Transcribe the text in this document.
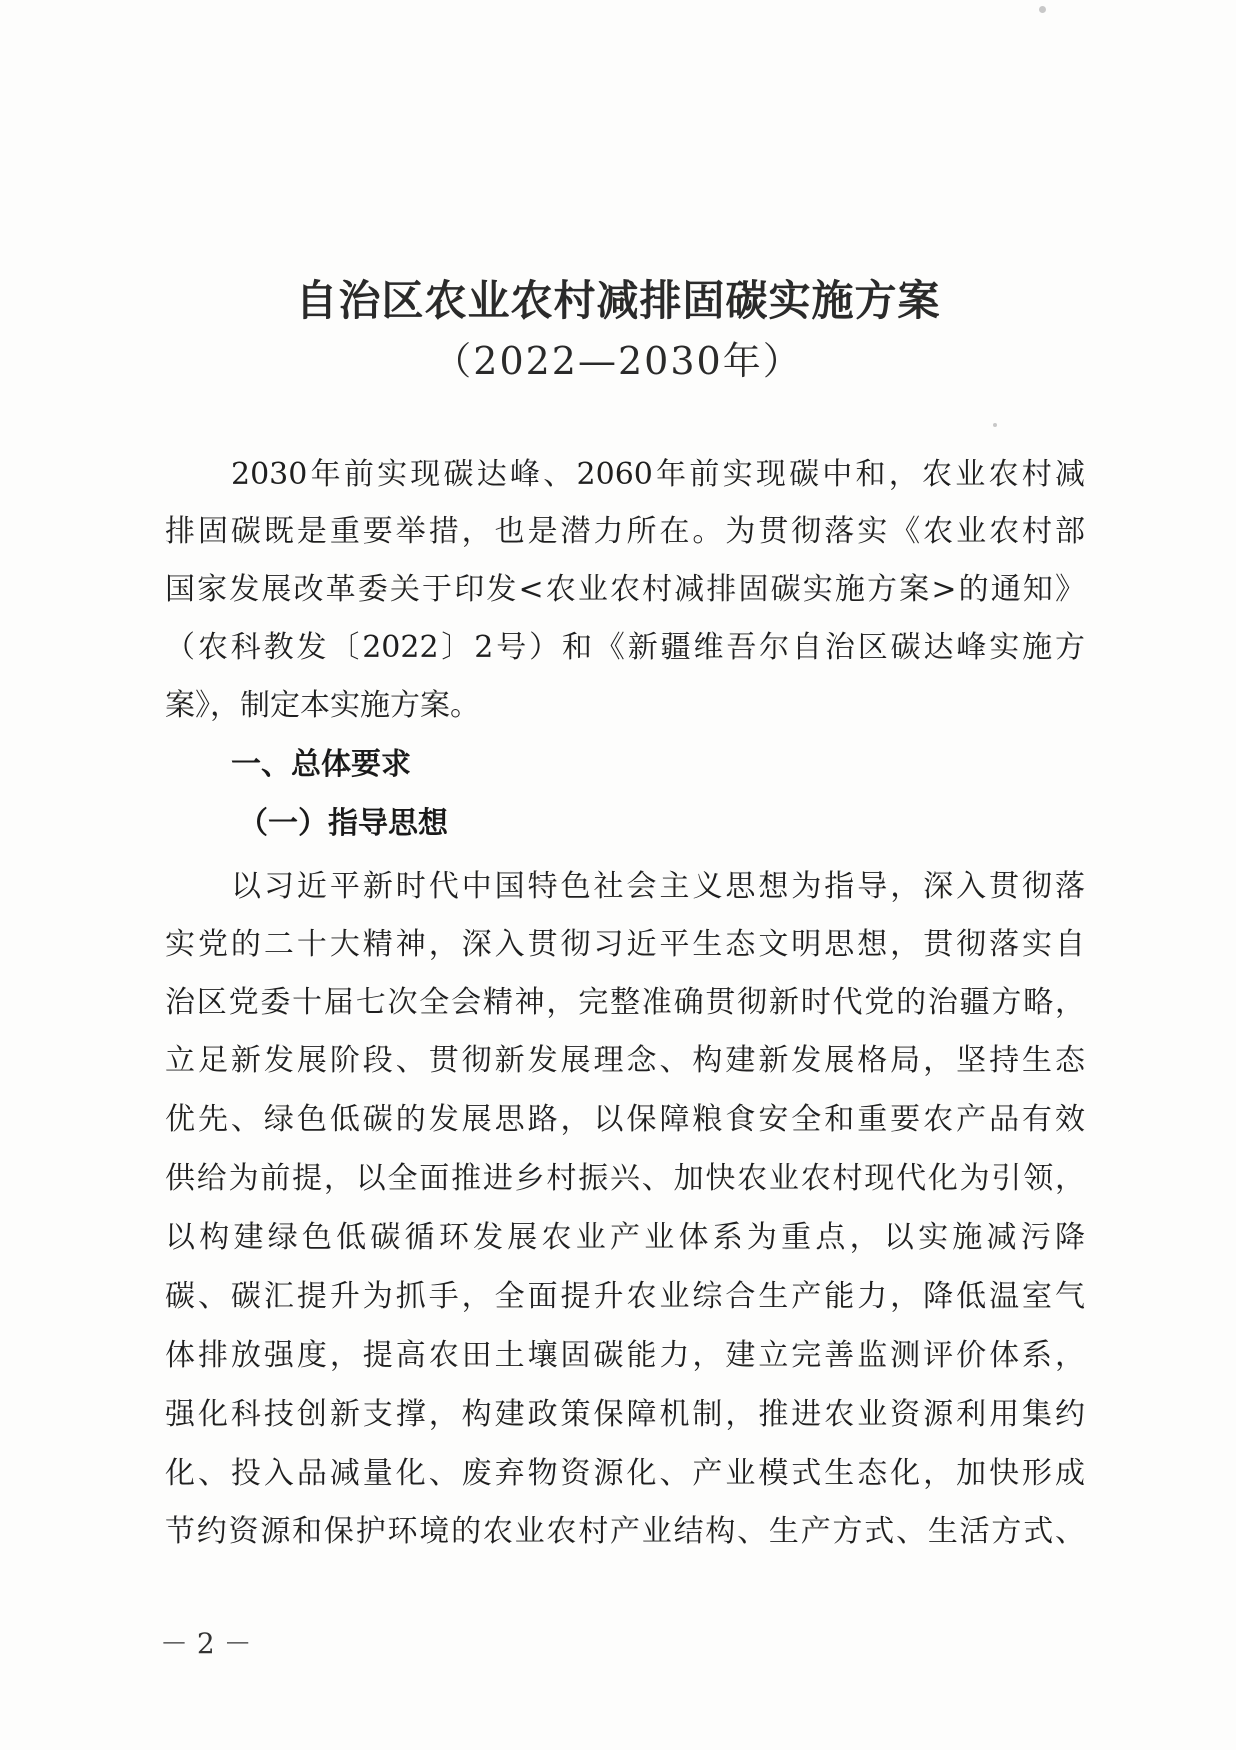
自治区农业农村减排固碳实施方案
（2022—2030年）
2030年前实现碳达峰、2060年前实现碳中和，农业农村减
排固碳既是重要举措，也是潜力所在。为贯彻落实《农业农村部
国家发展改革委关于印发<农业农村减排固碳实施方案>的通知》
（农科教发〔2022〕2号）和《新疆维吾尔自治区碳达峰实施方
案》，制定本实施方案。
一、总体要求
（一）指导思想
以习近平新时代中国特色社会主义思想为指导，深入贯彻落
实党的二十大精神，深入贯彻习近平生态文明思想，贯彻落实自
治区党委十届七次全会精神，完整准确贯彻新时代党的治疆方略，
立足新发展阶段、贯彻新发展理念、构建新发展格局，坚持生态
优先、绿色低碳的发展思路，以保障粮食安全和重要农产品有效
供给为前提，以全面推进乡村振兴、加快农业农村现代化为引领，
以构建绿色低碳循环发展农业产业体系为重点，以实施减污降
碳、碳汇提升为抓手，全面提升农业综合生产能力，降低温室气
体排放强度，提高农田土壤固碳能力，建立完善监测评价体系，
强化科技创新支撑，构建政策保障机制，推进农业资源利用集约
化、投入品减量化、废弃物资源化、产业模式生态化，加快形成
节约资源和保护环境的农业农村产业结构、生产方式、生活方式、
－ 2 －
